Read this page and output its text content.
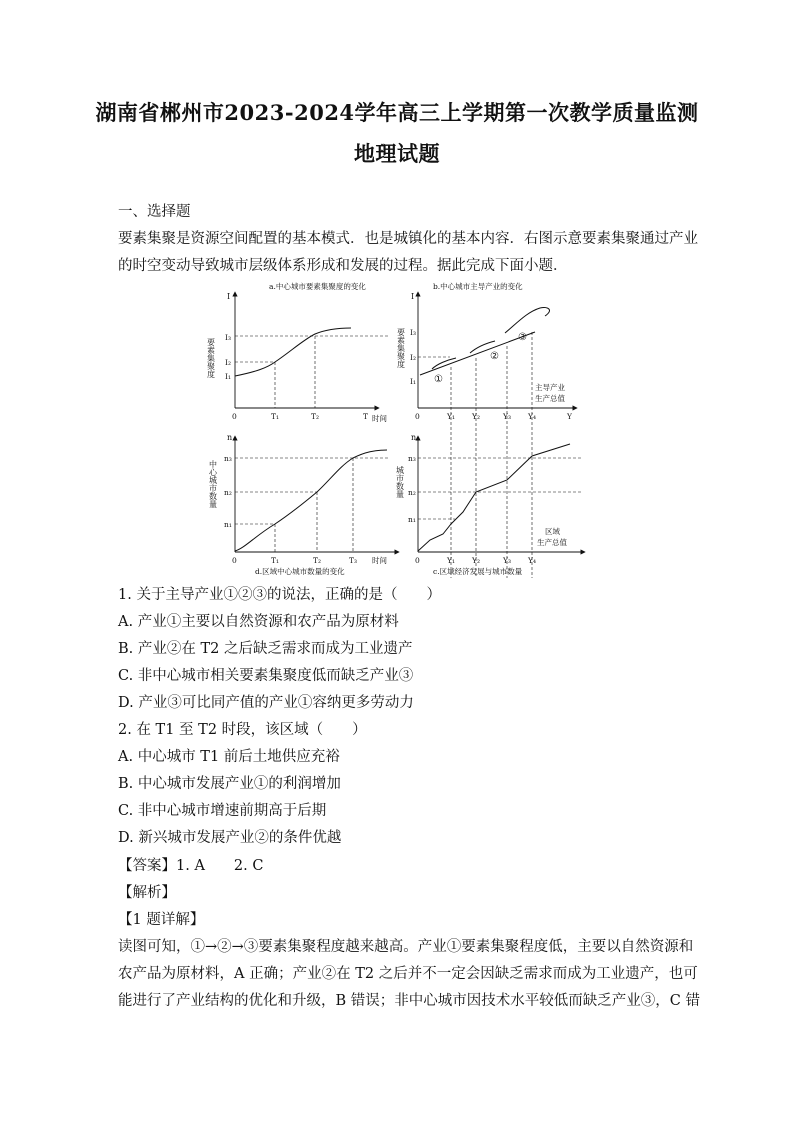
湖南省郴州市2023-2024学年高三上学期第一次教学质量监测
地理试题
一、选择题
要素集聚是资源空间配置的基本模式．也是城镇化的基本内容．右图示意要素集聚通过产业
的时空变动导致城市层级体系形成和发展的过程。据此完成下面小题．
a.中心城市要素集聚度的变化
I
要素集聚度
I₃
I₂
I₁
0	T₁	T₂	T 时间
b.中心城市主导产业的变化
I
要素集聚度 I₃
I₂
I₁ ①
②
③
0	Y₁ Y₂	Y₃ Y₄	Y
主导产业
生产总值
n
中心城市数量
n₃
n₂
n₁
0	T₁	T₂	T₃ 时间
d.区域中心城市数量的变化
n
城市数量
n₃
n₂
n₁
0	Y₁ Y₂	Y₃ Y₄
区域
生产总值
c.区域经济发展与城市数量
1. 关于主导产业①②③的说法，正确的是（　　）
A. 产业①主要以自然资源和农产品为原材料
B. 产业②在 T2 之后缺乏需求而成为工业遗产
C. 非中心城市相关要素集聚度低而缺乏产业③
D. 产业③可比同产值的产业①容纳更多劳动力
2. 在 T1 至 T2 时段，该区域（　　）
A. 中心城市 T1 前后土地供应充裕
B. 中心城市发展产业①的利润增加
C. 非中心城市增速前期高于后期
D. 新兴城市发展产业②的条件优越
【答案】1. A　　2. C
【解析】
【1 题详解】
读图可知，①→②→③要素集聚程度越来越高。产业①要素集聚程度低，主要以自然资源和
农产品为原材料，A 正确；产业②在 T2 之后并不一定会因缺乏需求而成为工业遗产，也可
能进行了产业结构的优化和升级，B 错误；非中心城市因技术水平较低而缺乏产业③，C 错
